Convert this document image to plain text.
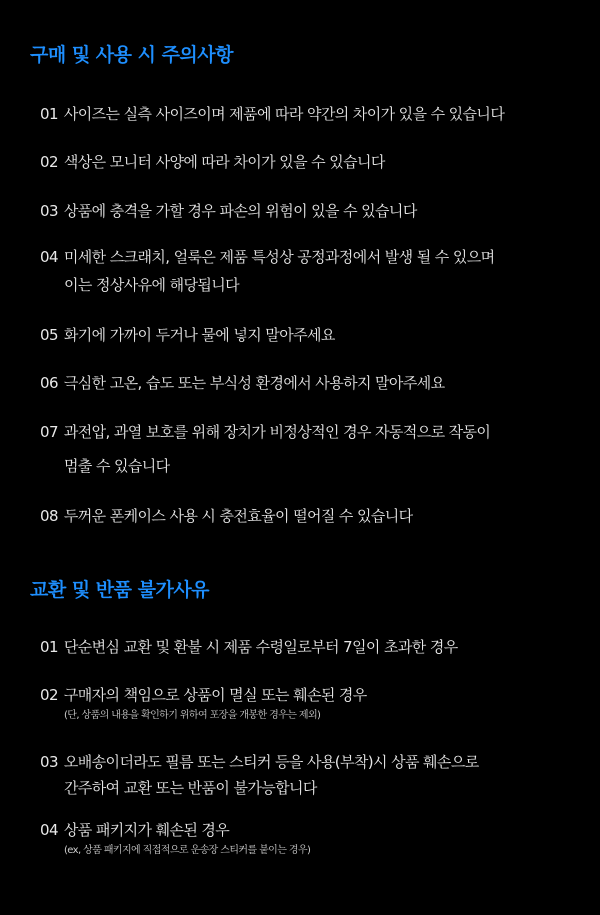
구매 및 사용 시 주의사항
01 사이즈는 실측 사이즈이며 제품에 따라 약간의 차이가 있을 수 있습니다
02 색상은 모니터 사양에 따라 차이가 있을 수 있습니다
03 상품에 충격을 가할 경우 파손의 위험이 있을 수 있습니다
04 미세한 스크래치, 얼룩은 제품 특성상 공정과정에서 발생 될 수 있으며
이는 정상사유에 해당됩니다
05 화기에 가까이 두거나 물에 넣지 말아주세요
06 극심한 고온, 습도 또는 부식성 환경에서 사용하지 말아주세요
07 과전압, 과열 보호를 위해 장치가 비정상적인 경우 자동적으로 작동이
멈출 수 있습니다
08 두꺼운 폰케이스 사용 시 충전효율이 떨어질 수 있습니다
교환 및 반품 불가사유
01 단순변심 교환 및 환불 시 제품 수령일로부터 7일이 초과한 경우
02 구매자의 책임으로 상품이 멸실 또는 훼손된 경우
(단, 상품의 내용을 확인하기 위하여 포장을 개봉한 경우는 제외)
03 오배송이더라도 필름 또는 스티커 등을 사용(부착)시 상품 훼손으로
간주하여 교환 또는 반품이 불가능합니다
04 상품 패키지가 훼손된 경우
(ex, 상품 패키지에 직접적으로 운송장 스티커를 붙이는 경우)
